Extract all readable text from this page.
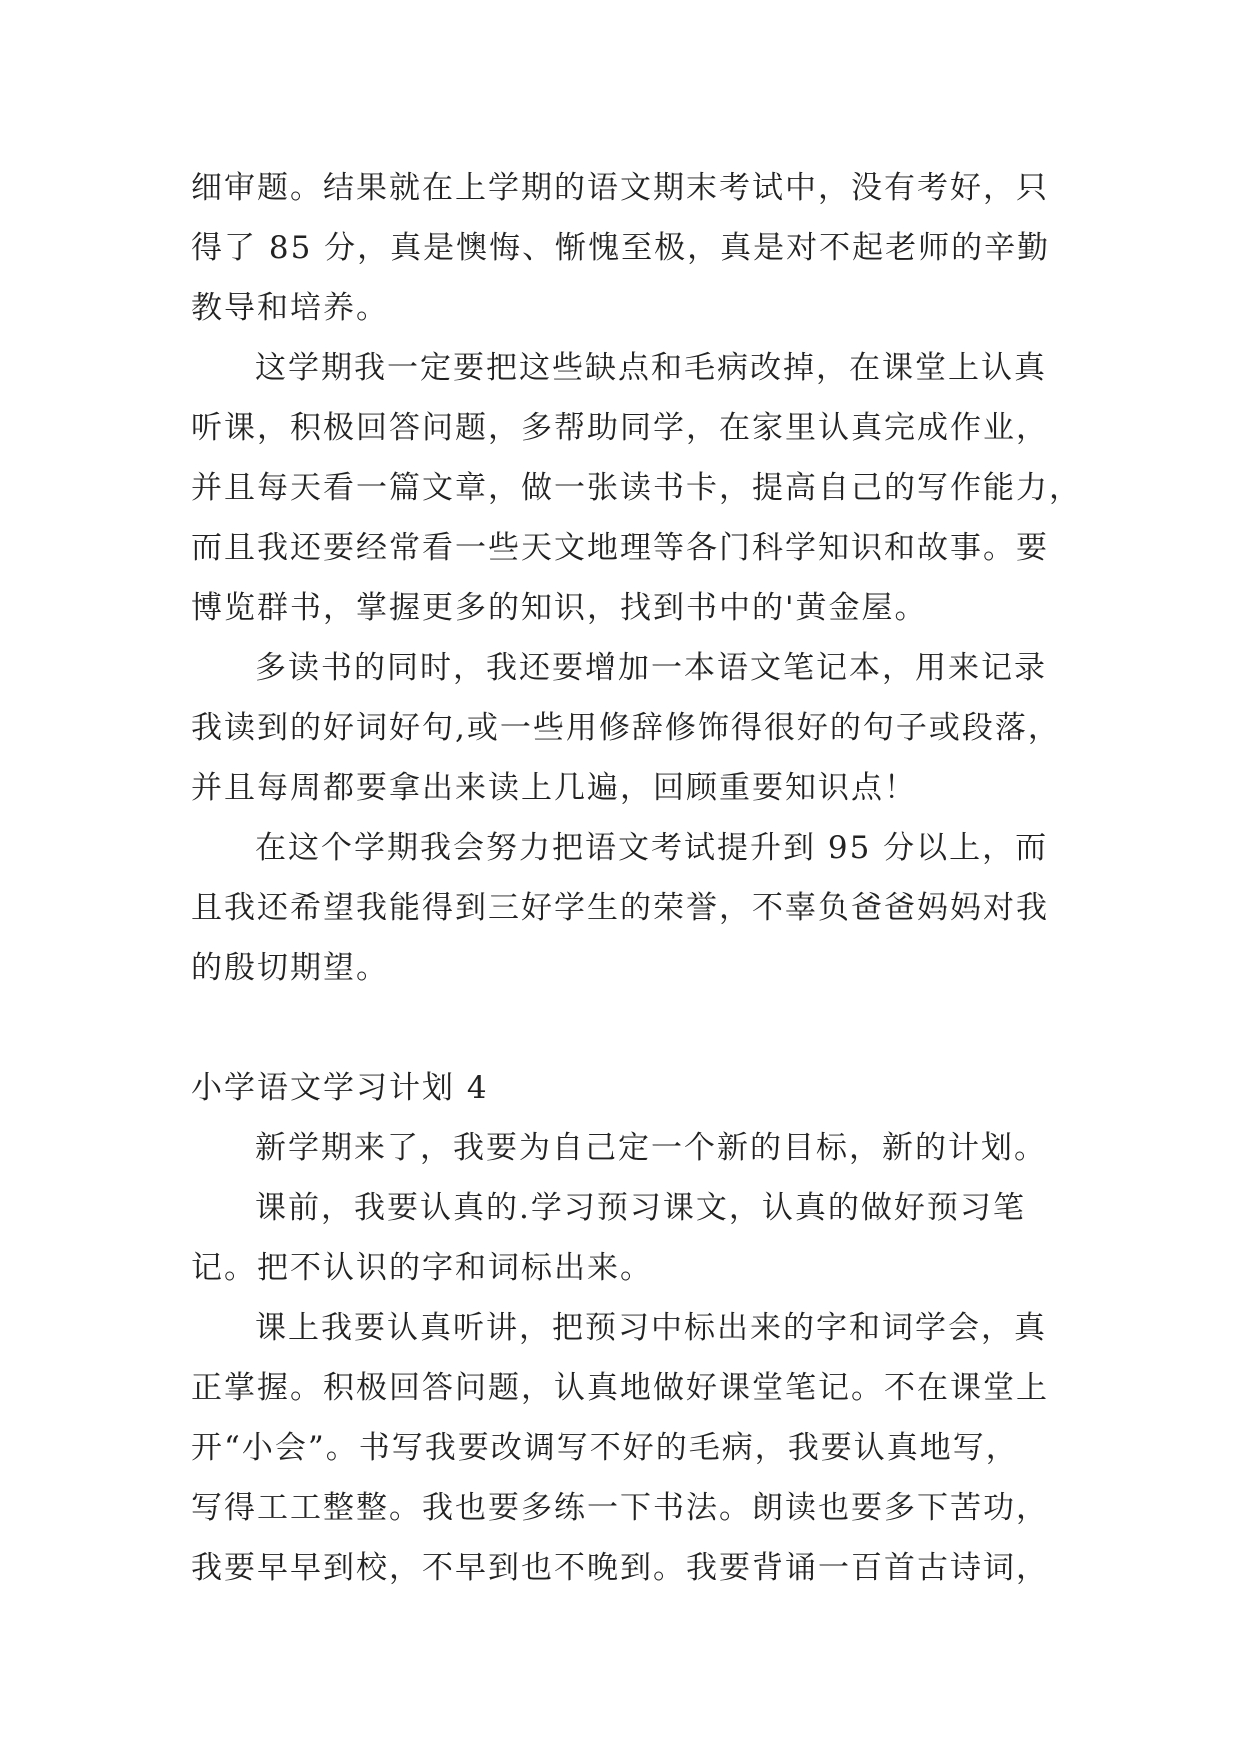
细审题。结果就在上学期的语文期末考试中，没有考好，只
得了 85 分，真是懊悔、惭愧至极，真是对不起老师的辛勤
教导和培养。
这学期我一定要把这些缺点和毛病改掉，在课堂上认真
听课，积极回答问题，多帮助同学，在家里认真完成作业，
并且每天看一篇文章，做一张读书卡，提高自己的写作能力，
而且我还要经常看一些天文地理等各门科学知识和故事。要
博览群书，掌握更多的知识，找到书中的'黄金屋。
多读书的同时，我还要增加一本语文笔记本，用来记录
我读到的好词好句,或一些用修辞修饰得很好的句子或段落，
并且每周都要拿出来读上几遍，回顾重要知识点！
在这个学期我会努力把语文考试提升到 95 分以上，而
且我还希望我能得到三好学生的荣誉，不辜负爸爸妈妈对我
的殷切期望。
小学语文学习计划 4
新学期来了，我要为自己定一个新的目标，新的计划。
课前，我要认真的.学习预习课文，认真的做好预习笔
记。把不认识的字和词标出来。
课上我要认真听讲，把预习中标出来的字和词学会，真
正掌握。积极回答问题，认真地做好课堂笔记。不在课堂上
开“小会”。书写我要改调写不好的毛病，我要认真地写，
写得工工整整。我也要多练一下书法。朗读也要多下苦功，
我要早早到校，不早到也不晚到。我要背诵一百首古诗词，
